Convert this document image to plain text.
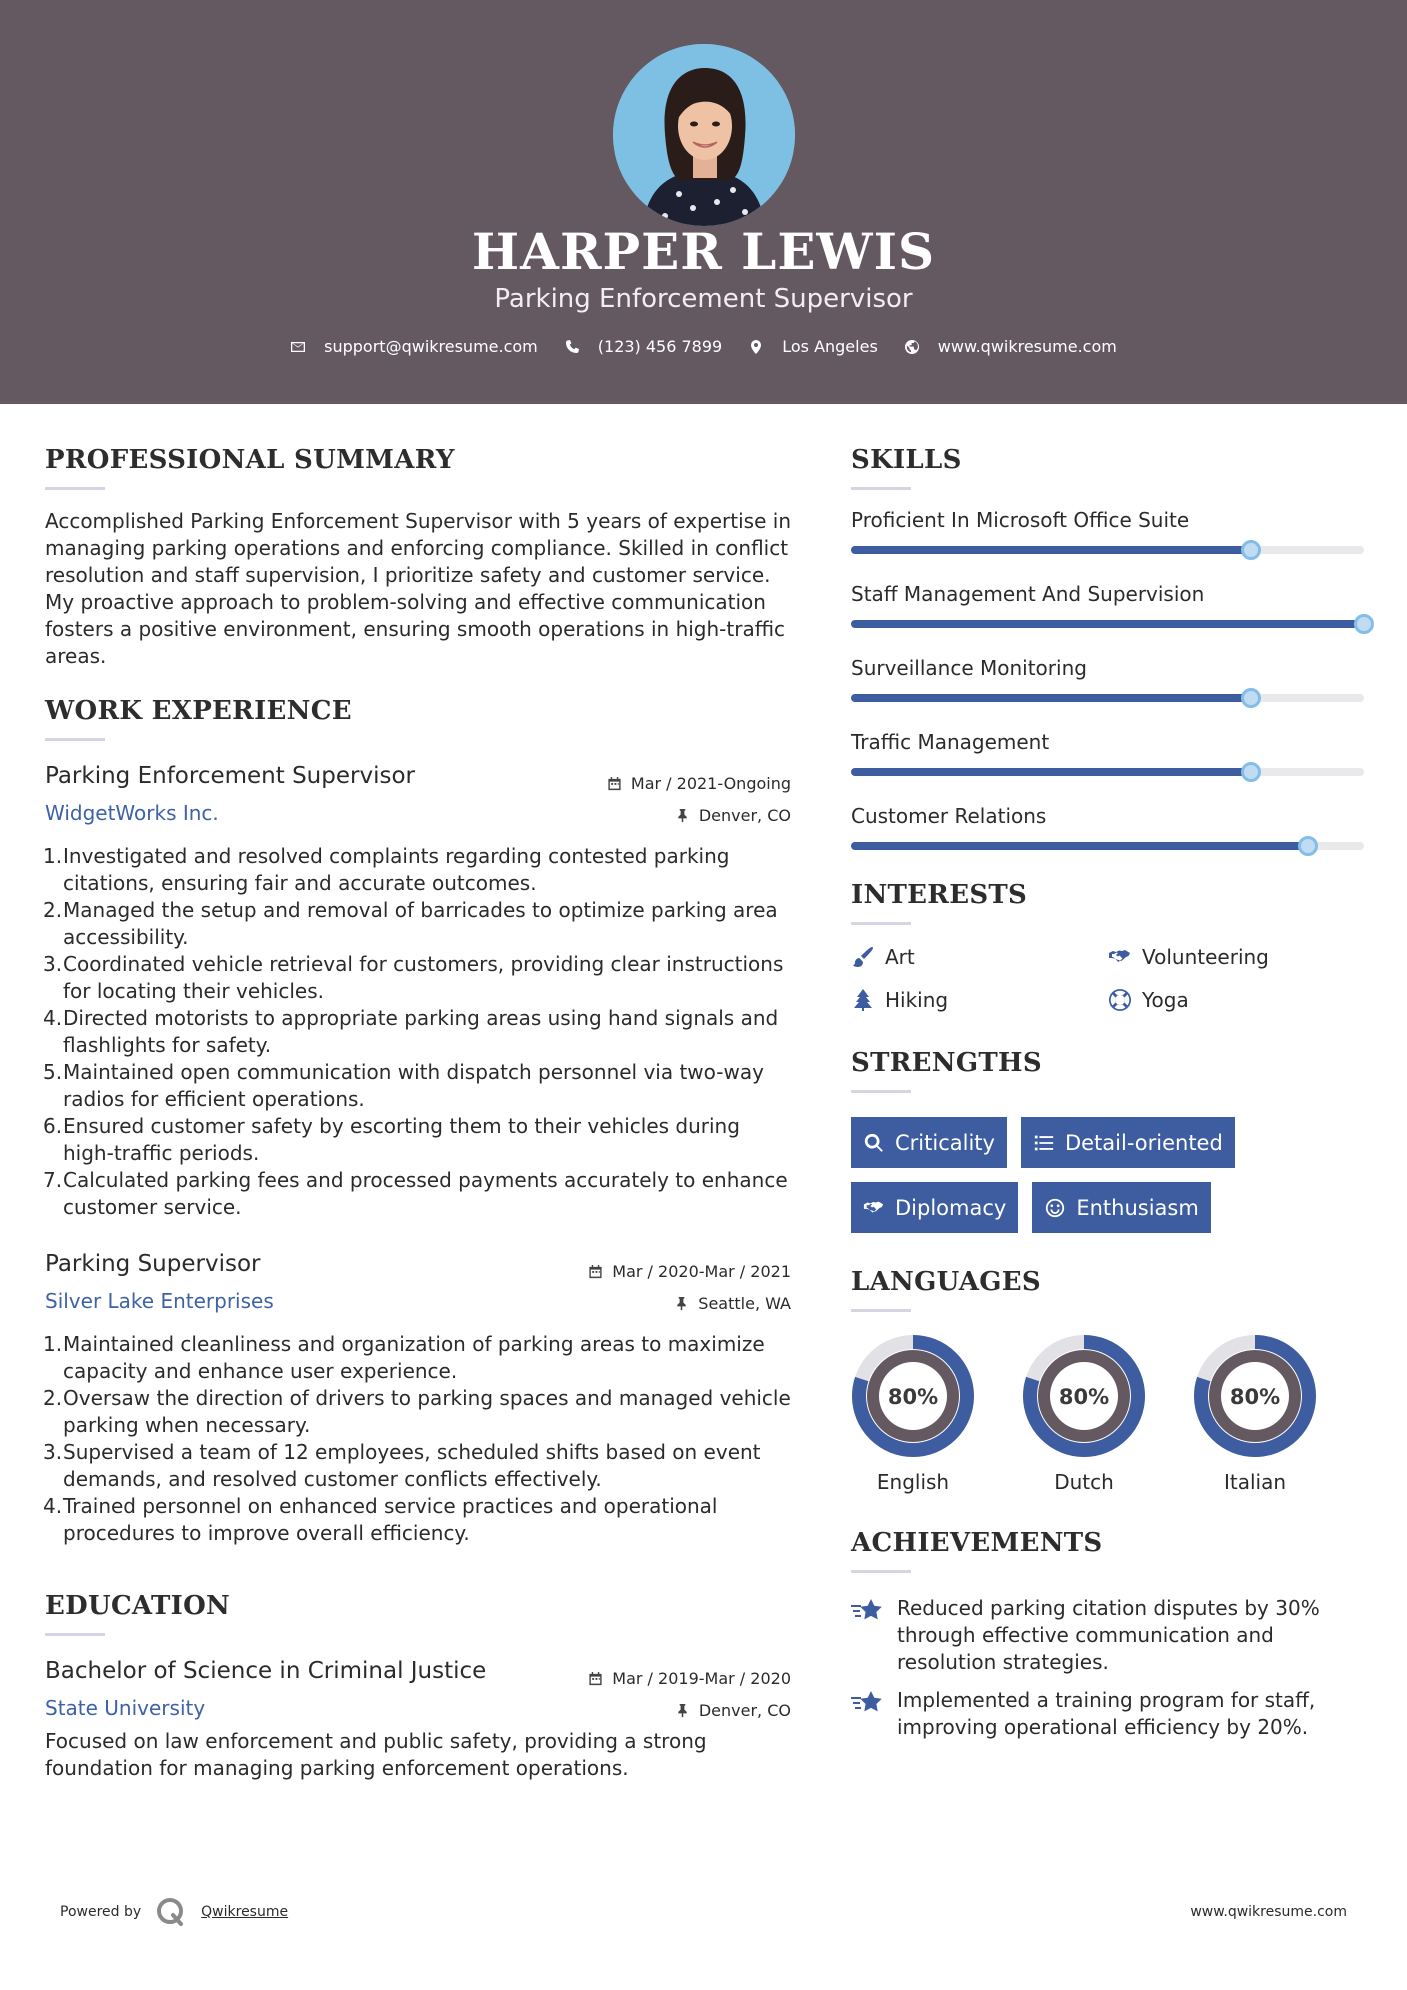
HARPER LEWIS
Parking Enforcement Supervisor
support@qwikresume.com	(123) 456 7899	Los Angeles	www.qwikresume.com
PROFESSIONAL SUMMARY

Accomplished Parking Enforcement Supervisor with 5 years of expertise in managing parking operations and enforcing compliance. Skilled in conflict resolution and staff supervision, I prioritize safety and customer service. My proactive approach to problem-solving and effective communication fosters a positive environment, ensuring smooth operations in high-traffic areas.

WORK EXPERIENCE
Parking Enforcement Supervisor
WidgetWorks Inc.
Mar / 2021-Ongoing
Denver, CO
1. Investigated and resolved complaints regarding contested parking citations, ensuring fair and accurate outcomes.
2. Managed the setup and removal of barricades to optimize parking area accessibility.
3. Coordinated vehicle retrieval for customers, providing clear instructions for locating their vehicles.
4. Directed motorists to appropriate parking areas using hand signals and flashlights for safety.
5. Maintained open communication with dispatch personnel via two-way radios for efficient operations.
6. Ensured customer safety by escorting them to their vehicles during high-traffic periods.
7. Calculated parking fees and processed payments accurately to enhance customer service.
Parking Supervisor
Silver Lake Enterprises
Mar / 2020-Mar / 2021
Seattle, WA
1. Maintained cleanliness and organization of parking areas to maximize capacity and enhance user experience.
2. Oversaw the direction of drivers to parking spaces and managed vehicle parking when necessary.
3. Supervised a team of 12 employees, scheduled shifts based on event demands, and resolved customer conflicts effectively.
4. Trained personnel on enhanced service practices and operational procedures to improve overall efficiency.
EDUCATION
Bachelor of Science in Criminal Justice
State University
Mar / 2019-Mar / 2020
Denver, CO

Focused on law enforcement and public safety, providing a strong foundation for managing parking enforcement operations.

SKILLS
Proficient In Microsoft Office Suite
Staff Management And Supervision
Surveillance Monitoring
Traffic Management
Customer Relations
INTERESTS
Art	Volunteering
Hiking	Yoga
STRENGTHS
Criticality	Detail-oriented
Diplomacy	Enthusiasm
LANGUAGES
80%
English
80%
Dutch
80%
Italian
ACHIEVEMENTS
Reduced parking citation disputes by 30% through effective communication and resolution strategies.
Implemented a training program for staff, improving operational efficiency by 20%.
Powered by	Qwikresume	www.qwikresume.com
